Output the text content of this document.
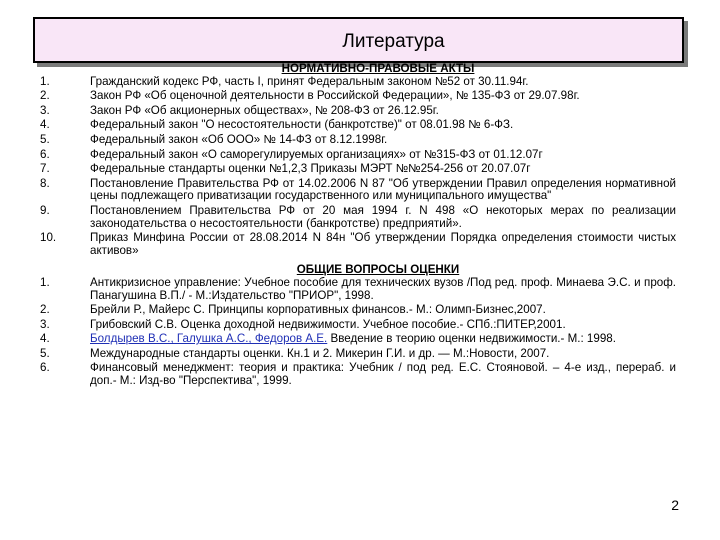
Литература

НОРМАТИВНО-ПРАВОВЫЕ АКТЫ

1.	Гражданский кодекс РФ, часть I, принят Федеральным законом №52 от 30.11.94г.
2.	Закон РФ «Об оценочной деятельности в Российской Федерации», № 135-ФЗ от 29.07.98г.
3.	Закон РФ «Об акционерных обществах», № 208-ФЗ от 26.12.95г.
4.	Федеральный закон "О несостоятельности (банкротстве)" от 08.01.98 № 6-ФЗ.
5.	Федеральный закон «Об ООО» № 14-ФЗ от 8.12.1998г.
6.	Федеральный закон «О саморегулируемых организациях» от №315-ФЗ от 01.12.07г
7.	Федеральные стандарты оценки №1,2,3 Приказы МЭРТ №№254-256 от 20.07.07г
8.	Постановление Правительства РФ от 14.02.2006 N 87 "Об утверждении Правил определения нормативной цены подлежащего приватизации государственного или муниципального имущества"
9.	Постановлением Правительства РФ от 20 мая 1994 г. N 498 «О некоторых мерах по реализации законодательства о несостоятельности (банкротстве) предприятий».
10.	Приказ Минфина России от 28.08.2014 N 84н "Об утверждении Порядка определения стоимости чистых активов»

ОБЩИЕ ВОПРОСЫ ОЦЕНКИ

1.	Антикризисное управление: Учебное пособие для технических вузов /Под ред. проф. Минаева Э.С. и проф. Панагушина В.П./ - М.:Издательство "ПРИОР", 1998.
2.	Брейли Р., Майерс С. Принципы корпоративных финансов.- М.: Олимп-Бизнес,2007.
3.	Грибовский С.В. Оценка доходной недвижимости. Учебное пособие.- СПб.:ПИТЕР,2001.
4.	Болдырев В.С., Галушка А.С., Федоров А.Е. Введение в теорию оценки недвижимости.- М.: 1998.
5.	Международные стандарты оценки. Кн.1 и 2. Микерин Г.И. и др. — М.:Новости, 2007.
6.	Финансовый менеджмент: теория и практика: Учебник / под ред. Е.С. Стояновой. – 4-е изд., перераб. и доп.- М.: Изд-во "Перспектива", 1999.
2
